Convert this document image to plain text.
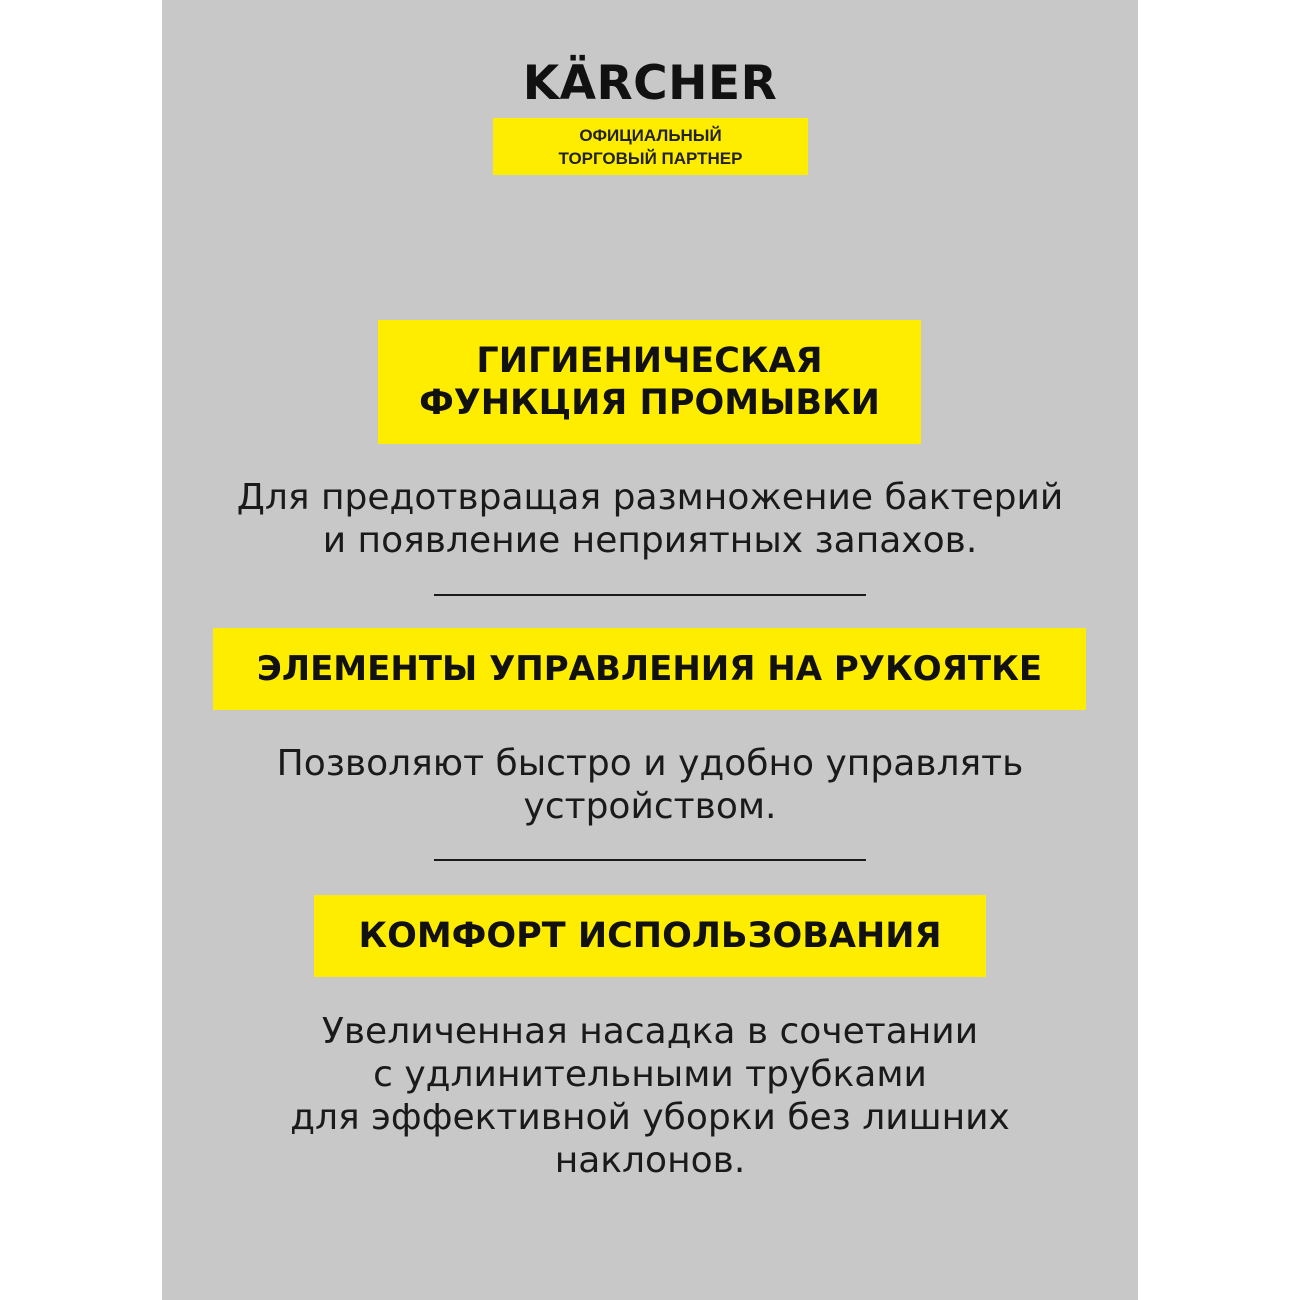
KÄRCHER
ОФИЦИАЛЬНЫЙ
ТОРГОВЫЙ ПАРТНЕР
ГИГИЕНИЧЕСКАЯ
ФУНКЦИЯ ПРОМЫВКИ
Для предотвращая размножение бактерий
и появление неприятных запахов.
ЭЛЕМЕНТЫ УПРАВЛЕНИЯ НА РУКОЯТКЕ
Позволяют быстро и удобно управлять
устройством.
КОМФОРТ ИСПОЛЬЗОВАНИЯ
Увеличенная насадка в сочетании
с удлинительными трубками
для эффективной уборки без лишних
наклонов.
